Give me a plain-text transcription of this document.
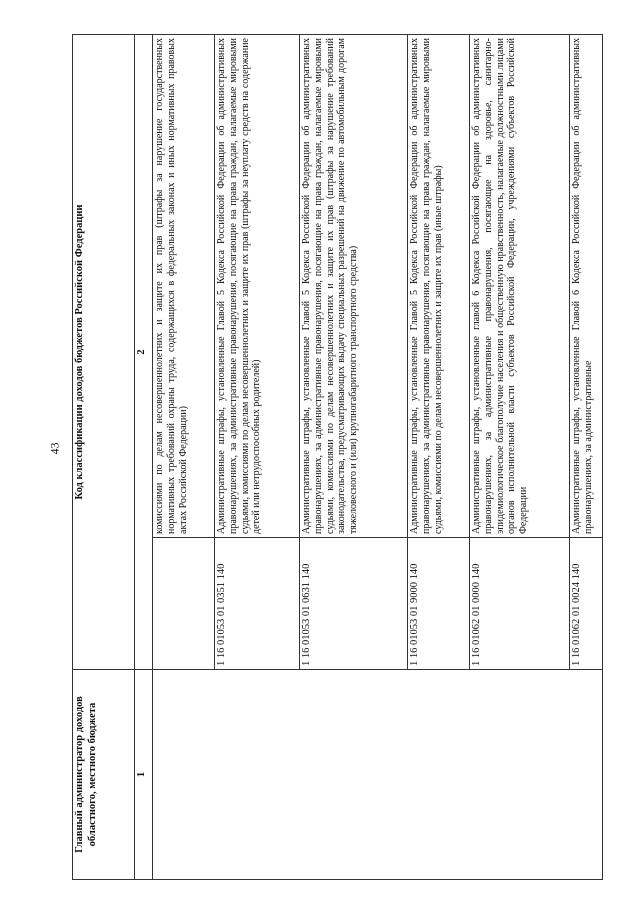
43
Главный администратор доходов областного, местного бюджета	Код классификации доходов бюджетов Российской Федерации	
1	2	
		комиссиями по делам несовершеннолетних и защите их прав (штрафы за нарушение государственных нормативных требований охраны труда, содержащихся в федеральных законах и иных нормативных правовых актах Российской Федерации)
	1 16 01053 01 0351 140	Административные штрафы, установленные Главой 5 Кодекса Российской Федерации об административных правонарушениях, за административные правонарушения, посягающие на права граждан, налагаемые мировыми судьями, комиссиями по делам несовершеннолетних и защите их прав (штрафы за неуплату средств на содержание детей или нетрудоспособных родителей)
	1 16 01053 01 0631 140	Административные штрафы, установленные Главой 5 Кодекса Российской Федерации об административных правонарушениях, за административные правонарушения, посягающие на права граждан, налагаемые мировыми судьями, комиссиями по делам несовершеннолетних и защите их прав (штрафы за нарушение требований законодательства, предусматривающих выдачу специальных разрешений на движение по автомобильным дорогам тяжеловесного и (или) крупногабаритного транспортного средства)
	1 16 01053 01 9000 140	Административные штрафы, установленные Главой 5 Кодекса Российской Федерации об административных правонарушениях, за административные правонарушения, посягающие на права граждан, налагаемые мировыми судьями, комиссиями по делам несовершеннолетних и защите их прав (иные штрафы)
	1 16 01062 01 0000 140	Административные штрафы, установленные главой 6 Кодекса Российской Федерации об административных правонарушениях, за административные правонарушения, посягающие на здоровье, санитарно-эпидемиологическое благополучие населения и общественную нравственность, налагаемые должностными лицами органов исполнительной власти субъектов Российской Федерации, учреждениями субъектов Российской Федерации
	1 16 01062 01 0024 140	Административные штрафы, установленные Главой 6 Кодекса Российской Федерации об административных правонарушениях, за административные
